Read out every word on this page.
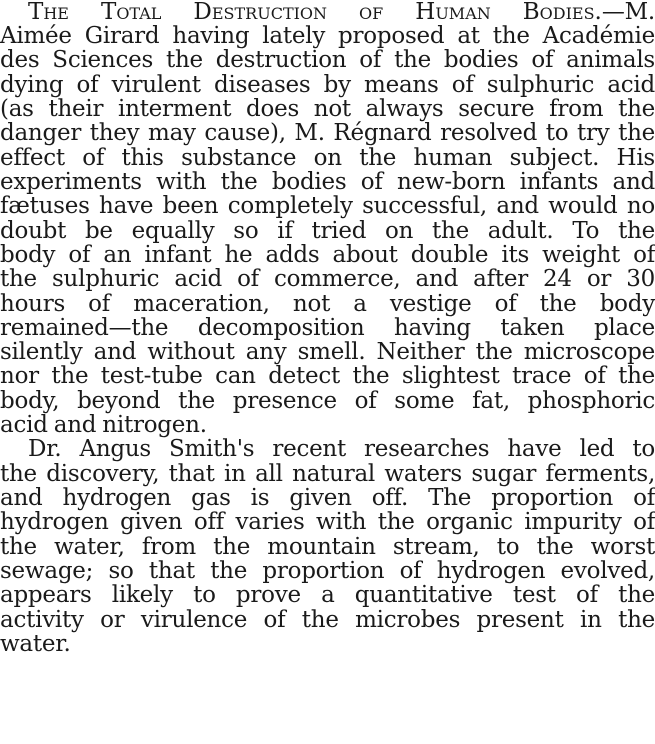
The Total Destruction of Human Bodies.—M.
Aimée Girard having lately proposed at the Académie
des Sciences the destruction of the bodies of animals
dying of virulent diseases by means of sulphuric acid
(as their interment does not always secure from the
danger they may cause), M. Régnard resolved to try the
effect of this substance on the human subject. His
experiments with the bodies of new-born infants and
fætuses have been completely successful, and would no
doubt be equally so if tried on the adult. To the
body of an infant he adds about double its weight of
the sulphuric acid of commerce, and after 24 or 30
hours of maceration, not a vestige of the body
remained—the decomposition having taken place
silently and without any smell. Neither the microscope
nor the test-tube can detect the slightest trace of the
body, beyond the presence of some fat, phosphoric
acid and nitrogen.
Dr. Angus Smith's recent researches have led to
the discovery, that in all natural waters sugar ferments,
and hydrogen gas is given off. The proportion of
hydrogen given off varies with the organic impurity of
the water, from the mountain stream, to the worst
sewage; so that the proportion of hydrogen evolved,
appears likely to prove a quantitative test of the
activity or virulence of the microbes present in the
water.
